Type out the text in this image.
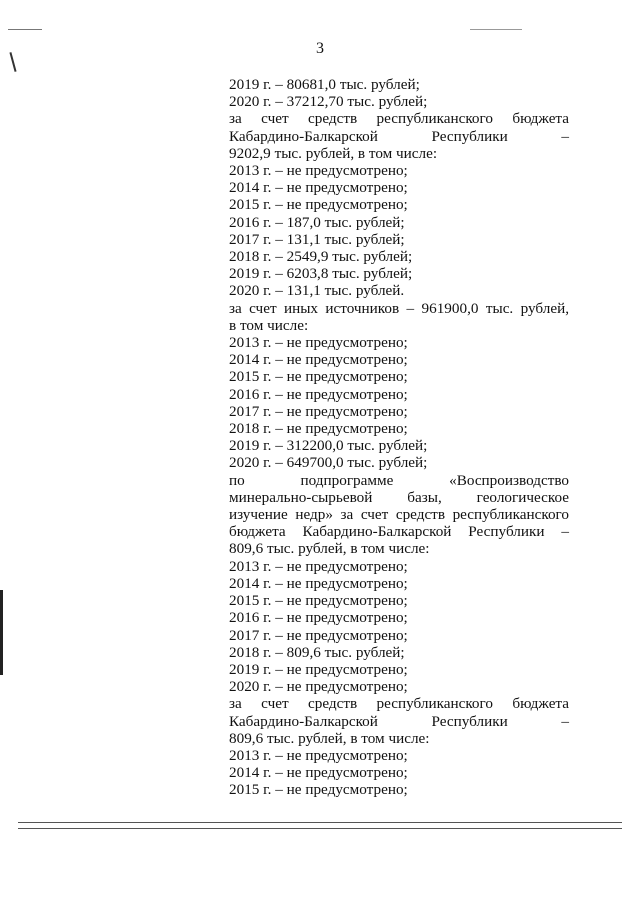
3
2019 г. – 80681,0 тыс. рублей;
2020 г. – 37212,70 тыс. рублей;
за счет средств республиканского бюджета
Кабардино-Балкарской Республики –
9202,9 тыс. рублей, в том числе:
2013 г. – не предусмотрено;
2014 г. – не предусмотрено;
2015 г. – не предусмотрено;
2016 г. – 187,0 тыс. рублей;
2017 г. – 131,1 тыс. рублей;
2018 г. – 2549,9 тыс. рублей;
2019 г. – 6203,8 тыс. рублей;
2020 г. – 131,1 тыс. рублей.
за счет иных источников – 961900,0 тыс. рублей,
в том числе:
2013 г. – не предусмотрено;
2014 г. – не предусмотрено;
2015 г. – не предусмотрено;
2016 г. – не предусмотрено;
2017 г. – не предусмотрено;
2018 г. – не предусмотрено;
2019 г. – 312200,0 тыс. рублей;
2020 г. – 649700,0 тыс. рублей;
по подпрограмме «Воспроизводство
минерально-сырьевой базы, геологическое
изучение недр» за счет средств республиканского
бюджета Кабардино-Балкарской Республики –
809,6 тыс. рублей, в том числе:
2013 г. – не предусмотрено;
2014 г. – не предусмотрено;
2015 г. – не предусмотрено;
2016 г. – не предусмотрено;
2017 г. – не предусмотрено;
2018 г. – 809,6 тыс. рублей;
2019 г. – не предусмотрено;
2020 г. – не предусмотрено;
за счет средств республиканского бюджета
Кабардино-Балкарской Республики –
809,6 тыс. рублей, в том числе:
2013 г. – не предусмотрено;
2014 г. – не предусмотрено;
2015 г. – не предусмотрено;
